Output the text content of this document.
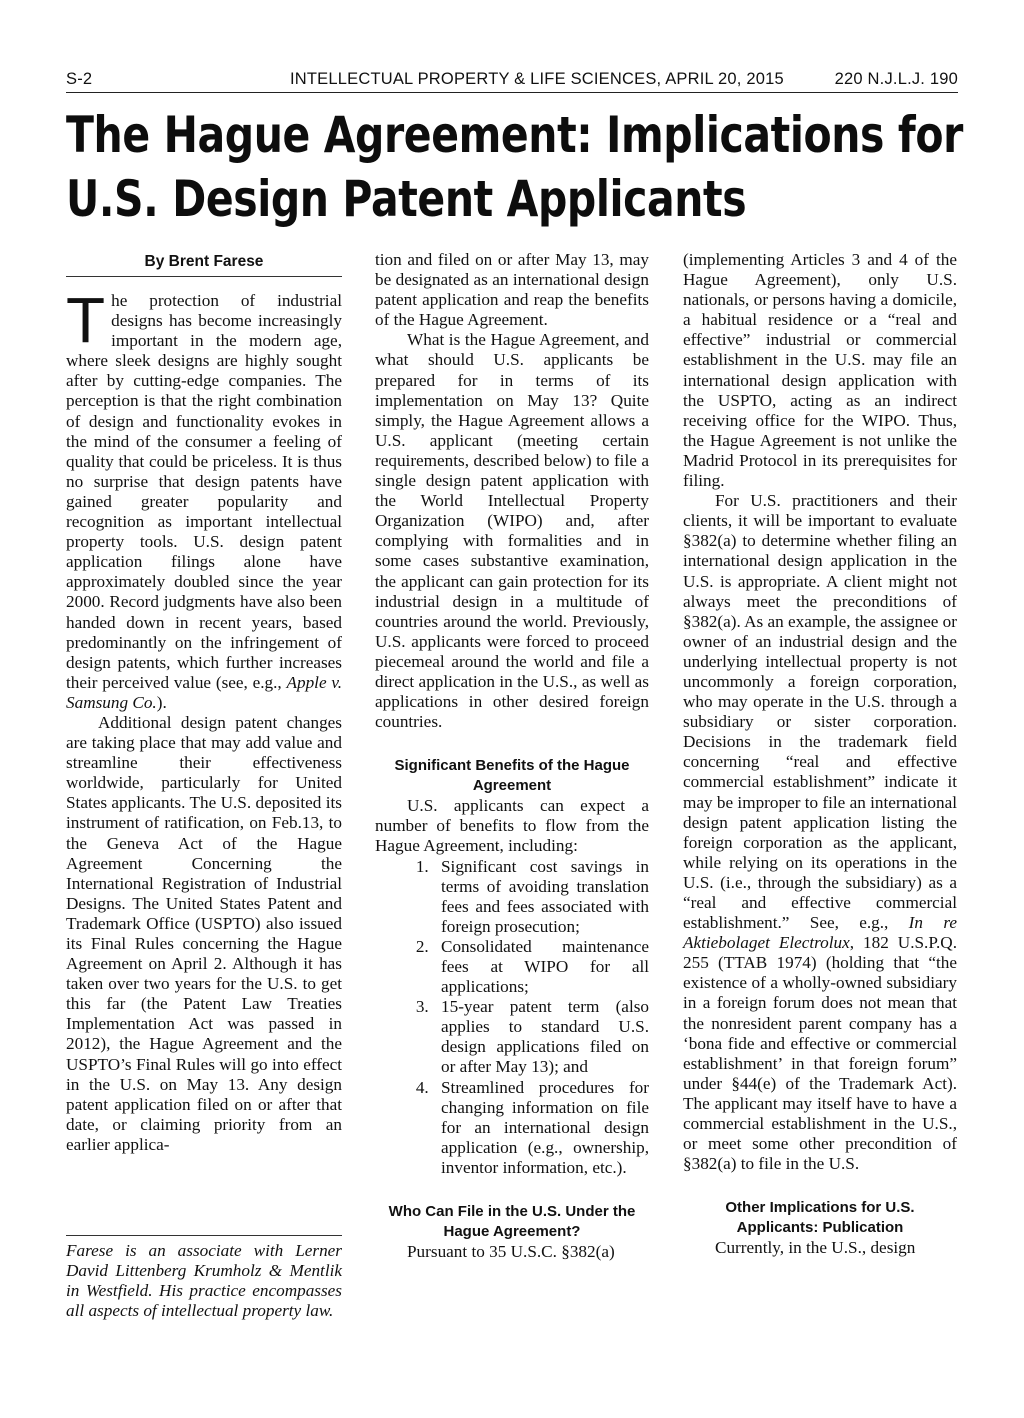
S-2	INTELLECTUAL PROPERTY & LIFE SCIENCES, APRIL 20, 2015	220 N.J.L.J. 190
The Hague Agreement: Implications for
U.S. Design Patent Applicants
By Brent Farese

The protection of industrial designs has become increasingly important in the modern age, where sleek designs are highly sought after by cutting-edge companies. The perception is that the right combination of design and functionality evokes in the mind of the consumer a feeling of quality that could be priceless. It is thus no surprise that design patents have gained greater popularity and recognition as important intellectual property tools. U.S. design patent application filings alone have approximately doubled since the year 2000. Record judgments have also been handed down in recent years, based predominantly on the infringement of design patents, which further increases their perceived value (see, e.g., Apple v. Samsung Co.).

Additional design patent changes are taking place that may add value and streamline their effectiveness worldwide, particularly for United States applicants. The U.S. deposited its instrument of ratification, on Feb.13, to the Geneva Act of the Hague Agreement Concerning the International Registration of Industrial Designs. The United States Patent and Trademark Office (USPTO) also issued its Final Rules concerning the Hague Agreement on April 2. Although it has taken over two years for the U.S. to get this far (the Patent Law Treaties Implementation Act was passed in 2012), the Hague Agreement and the USPTO’s Final Rules will go into effect in the U.S. on May 13. Any design patent application filed on or after that date, or claiming priority from an earlier applica-

Farese is an associate with Lerner David Littenberg Krumholz & Mentlik in Westfield. His practice encompasses all aspects of intellectual property law.

tion and filed on or after May 13, may be designated as an international design patent application and reap the benefits of the Hague Agreement.

What is the Hague Agreement, and what should U.S. applicants be prepared for in terms of its implementation on May 13? Quite simply, the Hague Agreement allows a U.S. applicant (meeting certain requirements, described below) to file a single design patent application with the World Intellectual Property Organization (WIPO) and, after complying with formalities and in some cases substantive examination, the applicant can gain protection for its industrial design in a multitude of countries around the world. Previously, U.S. applicants were forced to proceed piecemeal around the world and file a direct application in the U.S., as well as applications in other desired foreign countries.

Significant Benefits of the Hague Agreement

U.S. applicants can expect a number of benefits to flow from the Hague Agreement, including:

1. Significant cost savings in terms of avoiding translation fees and fees associated with foreign prosecution;
2. Consolidated maintenance fees at WIPO for all applications;
3. 15-year patent term (also applies to standard U.S. design applications filed on or after May 13); and
4. Streamlined procedures for changing information on file for an international design application (e.g., ownership, inventor information, etc.).
Who Can File in the U.S. Under the Hague Agreement?

Pursuant to 35 U.S.C. §382(a)

(implementing Articles 3 and 4 of the Hague Agreement), only U.S. nationals, or persons having a domicile, a habitual residence or a “real and effective” industrial or commercial establishment in the U.S. may file an international design application with the USPTO, acting as an indirect receiving office for the WIPO. Thus, the Hague Agreement is not unlike the Madrid Protocol in its prerequisites for filing.

For U.S. practitioners and their clients, it will be important to evaluate §382(a) to determine whether filing an international design application in the U.S. is appropriate. A client might not always meet the preconditions of §382(a). As an example, the assignee or owner of an industrial design and the underlying intellectual property is not uncommonly a foreign corporation, who may operate in the U.S. through a subsidiary or sister corporation. Decisions in the trademark field concerning “real and effective commercial establishment” indicate it may be improper to file an international design patent application listing the foreign corporation as the applicant, while relying on its operations in the U.S. (i.e., through the subsidiary) as a “real and effective commercial establishment.” See, e.g., In re Aktiebolaget Electrolux, 182 U.S.P.Q. 255 (TTAB 1974) (holding that “the existence of a wholly-owned subsidiary in a foreign forum does not mean that the nonresident parent company has a ‘bona fide and effective or commercial establishment’ in that foreign forum” under §44(e) of the Trademark Act). The applicant may itself have to have a commercial establishment in the U.S., or meet some other precondition of §382(a) to file in the U.S.

Other Implications for U.S. Applicants: Publication

Currently, in the U.S., design
